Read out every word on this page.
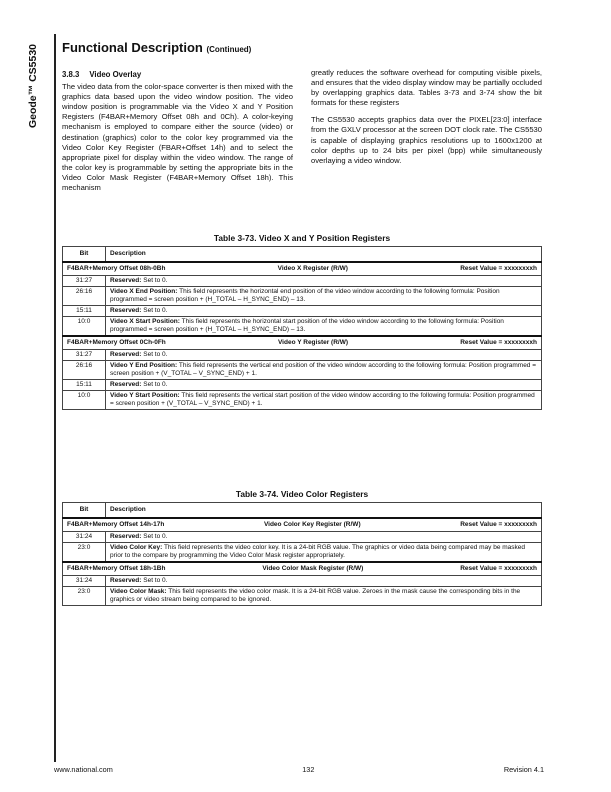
Geode™ CS5530 Functional Description (Continued)
3.8.3 Video Overlay

The video data from the color-space converter is then mixed with the graphics data based upon the video window position. The video window position is programmable via the Video X and Y Position Registers (F4BAR+Memory Offset 08h and 0Ch). A color-keying mechanism is employed to compare either the source (video) or destination (graphics) color to the color key programmed via the Video Color Key Register (FBAR+Offset 14h) and to select the appropriate pixel for display within the video window. The range of the color key is programmable by setting the appropriate bits in the Video Color Mask Register (F4BAR+Memory Offset 18h). This mechanism

greatly reduces the software overhead for computing visible pixels, and ensures that the video display window may be partially occluded by overlapping graphics data. Tables 3-73 and 3-74 show the bit formats for these registers

The CS5530 accepts graphics data over the PIXEL[23:0] interface from the GXLV processor at the screen DOT clock rate. The CS5530 is capable of displaying graphics resolutions up to 1600x1200 at color depths up to 24 bits per pixel (bpp) while simultaneously overlaying a video window.

Table 3-73. Video X and Y Position Registers
Bit	Description

F4BAR+Memory Offset 08h-0Bh Video X Register (R/W) Reset Value = xxxxxxxxh	

31:27	Reserved: Set to 0.
26:16	Video X End Position: This field represents the horizontal end position of the video window according to the following formula: Position programmed = screen position + (H_TOTAL – H_SYNC_END) – 13.
15:11	Reserved: Set to 0.
10:0	Video X Start Position: This field represents the horizontal start position of the video window according to the following formula: Position programmed = screen position + (H_TOTAL – H_SYNC_END) – 13.

F4BAR+Memory Offset 0Ch-0Fh Video Y Register (R/W) Reset Value = xxxxxxxxh	

31:27	Reserved: Set to 0.
26:16	Video Y End Position: This field represents the vertical end position of the video window according to the following formula: Position programmed = screen position + (V_TOTAL – V_SYNC_END) + 1.
15:11	Reserved: Set to 0.
10:0	Video Y Start Position: This field represents the vertical start position of the video window according to the following formula: Position programmed = screen position + (V_TOTAL – V_SYNC_END) + 1.
Table 3-74. Video Color Registers
Bit	Description

F4BAR+Memory Offset 14h-17h Video Color Key Register (R/W) Reset Value = xxxxxxxxh	

31:24	Reserved: Set to 0.
23:0	Video Color Key: This field represents the video color key. It is a 24-bit RGB value. The graphics or video data being compared may be masked prior to the compare by programming the Video Color Mask register appropriately.

F4BAR+Memory Offset 18h-1Bh Video Color Mask Register (R/W) Reset Value = xxxxxxxxh	

31:24	Reserved: Set to 0.
23:0	Video Color Mask: This field represents the video color mask. It is a 24-bit RGB value. Zeroes in the mask cause the corresponding bits in the graphics or video stream being compared to be ignored.
www.national.com	132	Revision 4.1
